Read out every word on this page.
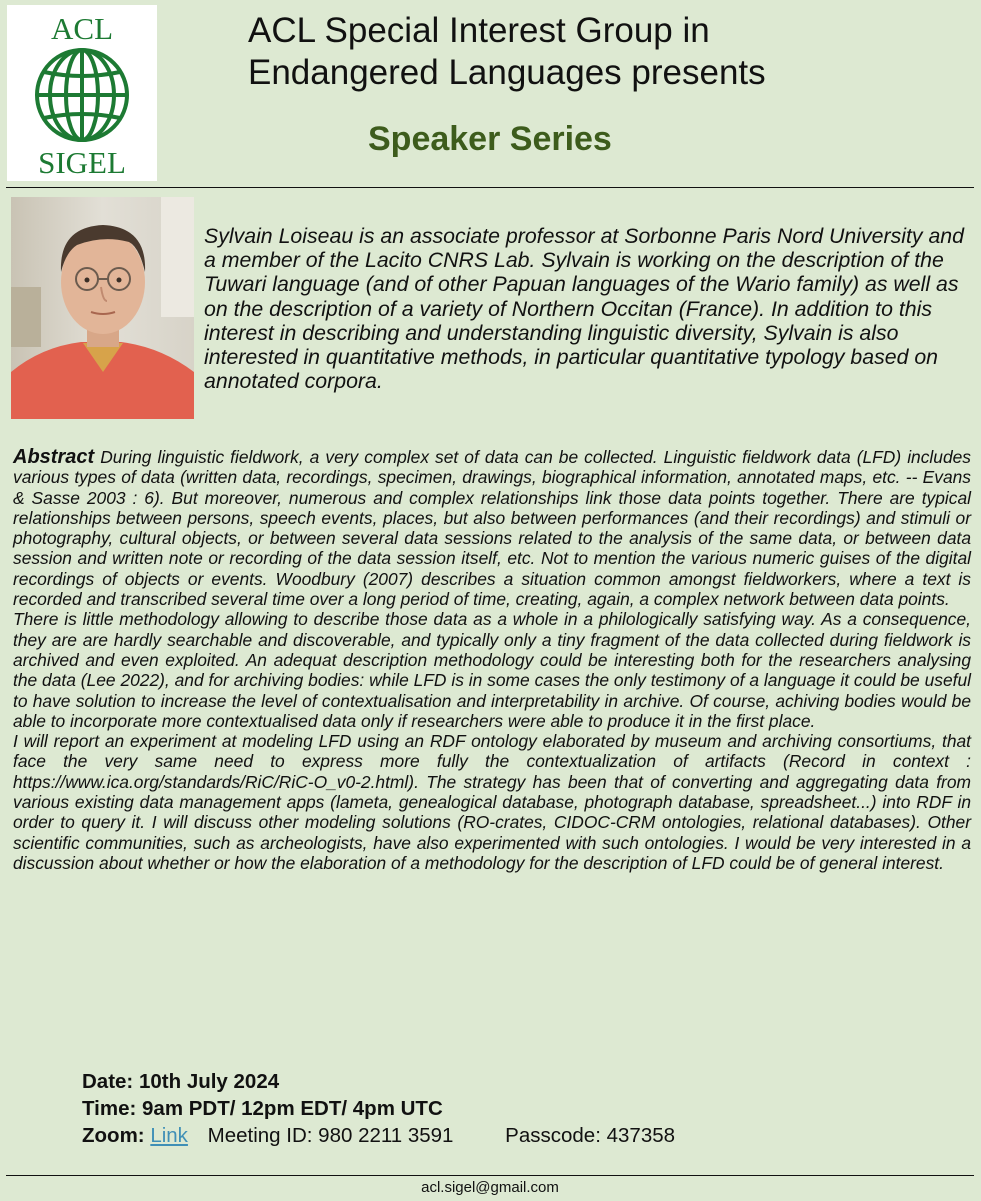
ACL
SIGEL
ACL Special Interest Group in
Endangered Languages presents
Speaker Series
Sylvain Loiseau is an associate professor at Sorbonne Paris Nord University and a member of the Lacito CNRS Lab. Sylvain is working on the description of the Tuwari language (and of other Papuan languages of the Wario family) as well as on the description of a variety of Northern Occitan (France). In addition to this interest in describing and understanding linguistic diversity, Sylvain is also interested in quantitative methods, in particular quantitative typology based on annotated corpora.

Abstract During linguistic fieldwork, a very complex set of data can be collected. Linguistic fieldwork data (LFD) includes various types of data (written data, recordings, specimen, drawings, biographical information, annotated maps, etc. -- Evans & Sasse 2003 : 6). But moreover, numerous and complex relationships link those data points together. There are typical relationships between persons, speech events, places, but also between performances (and their recordings) and stimuli or photography, cultural objects, or between several data sessions related to the analysis of the same data, or between data session and written note or recording of the data session itself, etc. Not to mention the various numeric guises of the digital recordings of objects or events. Woodbury (2007) describes a situation common amongst fieldworkers, where a text is recorded and transcribed several time over a long period of time, creating, again, a complex network between data points.

There is little methodology allowing to describe those data as a whole in a philologically satisfying way. As a consequence, they are are hardly searchable and discoverable, and typically only a tiny fragment of the data collected during fieldwork is archived and even exploited. An adequat description methodology could be interesting both for the researchers analysing the data (Lee 2022), and for archiving bodies: while LFD is in some cases the only testimony of a language it could be useful to have solution to increase the level of contextualisation and interpretability in archive. Of course, achiving bodies would be able to incorporate more contextualised data only if researchers were able to produce it in the first place.

I will report an experiment at modeling LFD using an RDF ontology elaborated by museum and archiving consortiums, that face the very same need to express more fully the contextualization of artifacts (Record in context : https://www.ica.org/standards/RiC/RiC-O_v0-2.html). The strategy has been that of converting and aggregating data from various existing data management apps (lameta, genealogical database, photograph database, spreadsheet...) into RDF in order to query it. I will discuss other modeling solutions (RO-crates, CIDOC-CRM ontologies, relational databases). Other scientific communities, such as archeologists, have also experimented with such ontologies. I would be very interested in a discussion about whether or how the elaboration of a methodology for the description of LFD could be of general interest.

Date: 10th July 2024
Time: 9am PDT/ 12pm EDT/ 4pm UTC
Zoom: Link Meeting ID: 980 2211 3591	Passcode: 437358
acl.sigel@gmail.com
